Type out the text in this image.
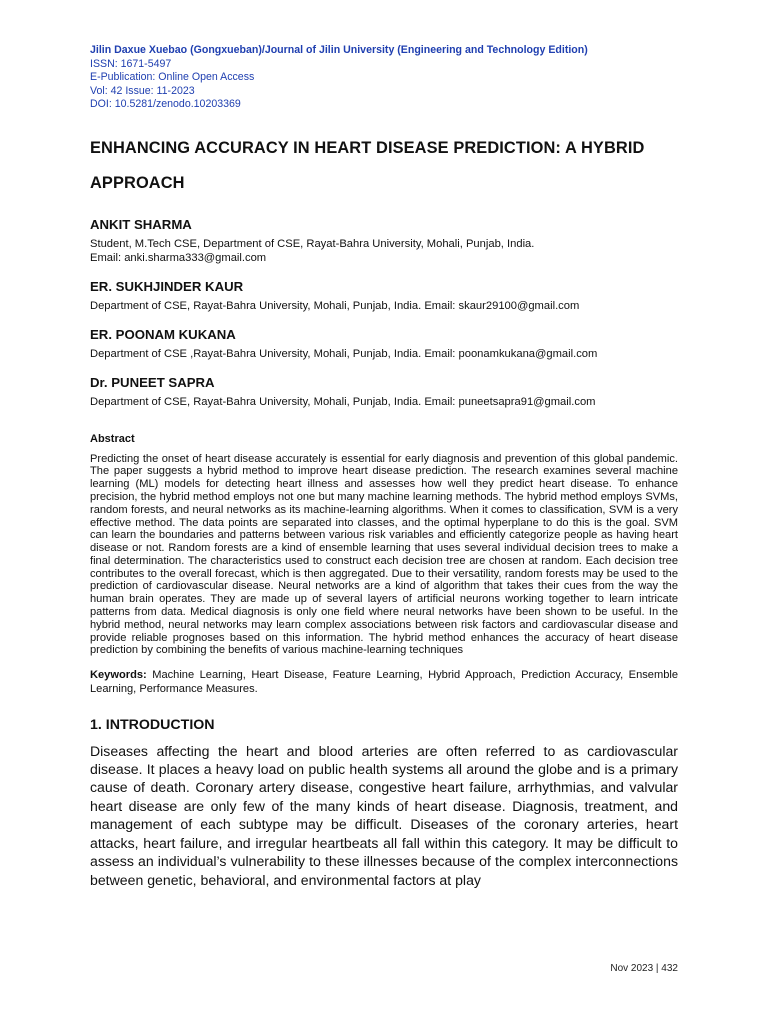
Jilin Daxue Xuebao (Gongxueban)/Journal of Jilin University (Engineering and Technology Edition)
ISSN: 1671-5497
E-Publication: Online Open Access
Vol: 42 Issue: 11-2023
DOI: 10.5281/zenodo.10203369
ENHANCING ACCURACY IN HEART DISEASE PREDICTION: A HYBRID APPROACH
ANKIT SHARMA
Student, M.Tech CSE, Department of CSE, Rayat-Bahra University, Mohali, Punjab, India.
Email: anki.sharma333@gmail.com
ER. SUKHJINDER KAUR
Department of CSE, Rayat-Bahra University, Mohali, Punjab, India. Email: skaur29100@gmail.com
ER. POONAM KUKANA
Department of CSE ,Rayat-Bahra University, Mohali, Punjab, India. Email: poonamkukana@gmail.com
Dr. PUNEET SAPRA
Department of CSE, Rayat-Bahra University, Mohali, Punjab, India. Email: puneetsapra91@gmail.com
Abstract
Predicting the onset of heart disease accurately is essential for early diagnosis and prevention of this global pandemic. The paper suggests a hybrid method to improve heart disease prediction. The research examines several machine learning (ML) models for detecting heart illness and assesses how well they predict heart disease. To enhance precision, the hybrid method employs not one but many machine learning methods. The hybrid method employs SVMs, random forests, and neural networks as its machine-learning algorithms. When it comes to classification, SVM is a very effective method. The data points are separated into classes, and the optimal hyperplane to do this is the goal. SVM can learn the boundaries and patterns between various risk variables and efficiently categorize people as having heart disease or not. Random forests are a kind of ensemble learning that uses several individual decision trees to make a final determination. The characteristics used to construct each decision tree are chosen at random. Each decision tree contributes to the overall forecast, which is then aggregated. Due to their versatility, random forests may be used to the prediction of cardiovascular disease. Neural networks are a kind of algorithm that takes their cues from the way the human brain operates. They are made up of several layers of artificial neurons working together to learn intricate patterns from data. Medical diagnosis is only one field where neural networks have been shown to be useful. In the hybrid method, neural networks may learn complex associations between risk factors and cardiovascular disease and provide reliable prognoses based on this information. The hybrid method enhances the accuracy of heart disease prediction by combining the benefits of various machine-learning techniques
Keywords: Machine Learning, Heart Disease, Feature Learning, Hybrid Approach, Prediction Accuracy, Ensemble Learning, Performance Measures.
1. INTRODUCTION
Diseases affecting the heart and blood arteries are often referred to as cardiovascular disease. It places a heavy load on public health systems all around the globe and is a primary cause of death. Coronary artery disease, congestive heart failure, arrhythmias, and valvular heart disease are only few of the many kinds of heart disease. Diagnosis, treatment, and management of each subtype may be difficult. Diseases of the coronary arteries, heart attacks, heart failure, and irregular heartbeats all fall within this category. It may be difficult to assess an individual’s vulnerability to these illnesses because of the complex interconnections between genetic, behavioral, and environmental factors at play
Nov 2023 | 432
